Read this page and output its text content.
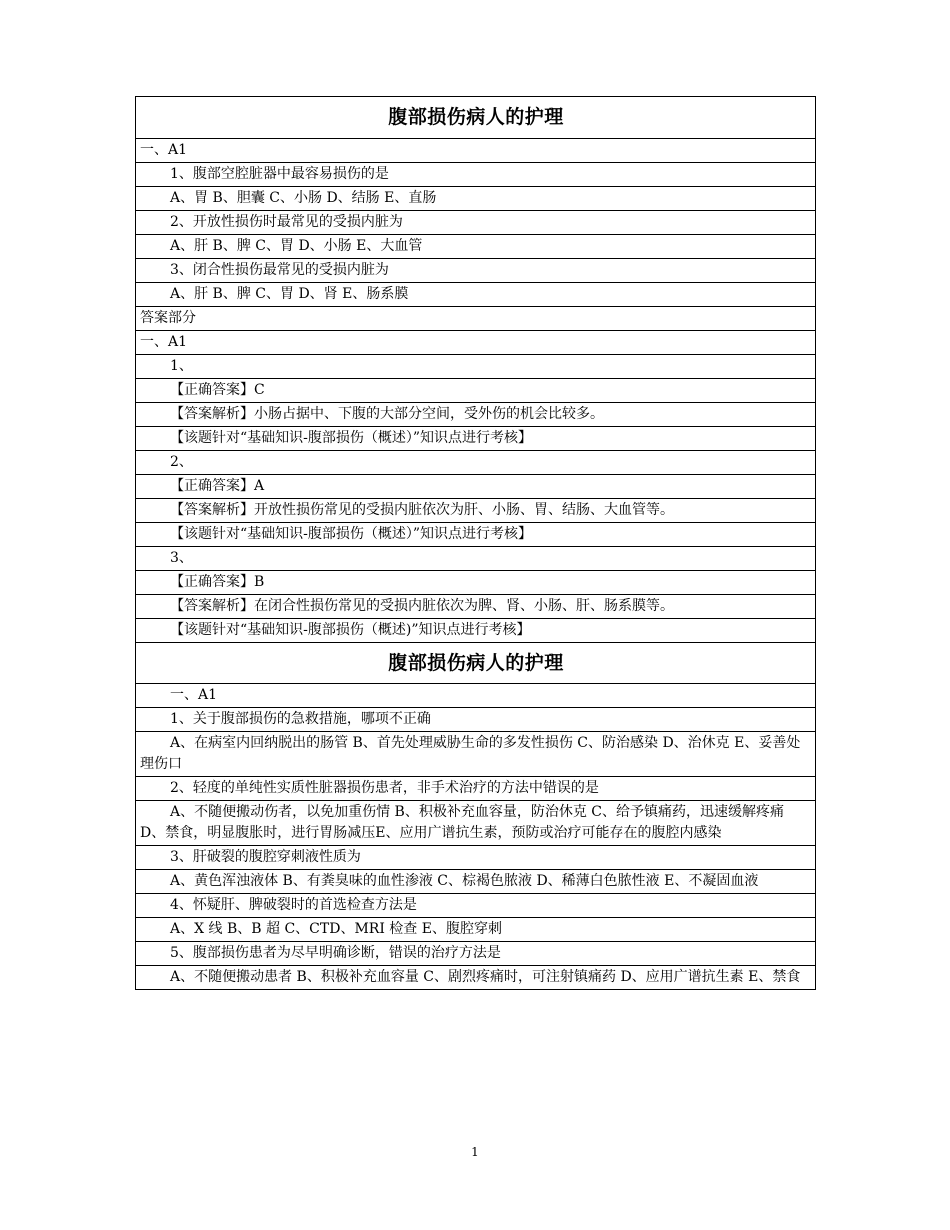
腹部损伤病人的护理
一、A1
1、腹部空腔脏器中最容易损伤的是
A、胃 B、胆囊 C、小肠 D、结肠 E、直肠
2、开放性损伤时最常见的受损内脏为
A、肝 B、脾 C、胃 D、小肠 E、大血管
3、闭合性损伤最常见的受损内脏为
A、肝 B、脾 C、胃 D、肾 E、肠系膜
答案部分
一、A1
1、
【正确答案】C
【答案解析】小肠占据中、下腹的大部分空间，受外伤的机会比较多。
【该题针对“基础知识-腹部损伤（概述）”知识点进行考核】
2、
【正确答案】A
【答案解析】开放性损伤常见的受损内脏依次为肝、小肠、胃、结肠、大血管等。
【该题针对“基础知识-腹部损伤（概述）”知识点进行考核】
3、
【正确答案】B
【答案解析】在闭合性损伤常见的受损内脏依次为脾、肾、小肠、肝、肠系膜等。
【该题针对“基础知识-腹部损伤（概述)”知识点进行考核】
腹部损伤病人的护理
一、A1
1、关于腹部损伤的急救措施，哪项不正确
A、在病室内回纳脱出的肠管 B、首先处理威胁生命的多发性损伤 C、防治感染 D、治休克 E、妥善处理伤口
2、轻度的单纯性实质性脏器损伤患者，非手术治疗的方法中错误的是
A、不随便搬动伤者，以免加重伤情 B、积极补充血容量，防治休克 C、给予镇痛药，迅速缓解疼痛 D、禁食，明显腹胀时，进行胃肠减压E、应用广谱抗生素，预防或治疗可能存在的腹腔内感染
3、肝破裂的腹腔穿刺液性质为
A、黄色浑浊液体 B、有粪臭味的血性渗液 C、棕褐色脓液 D、稀薄白色脓性液 E、不凝固血液
4、怀疑肝、脾破裂时的首选检查方法是
A、X 线 B、B 超 C、CTD、MRI 检查 E、腹腔穿刺
5、腹部损伤患者为尽早明确诊断，错误的治疗方法是
A、不随便搬动患者 B、积极补充血容量 C、剧烈疼痛时，可注射镇痛药 D、应用广谱抗生素 E、禁食
1
